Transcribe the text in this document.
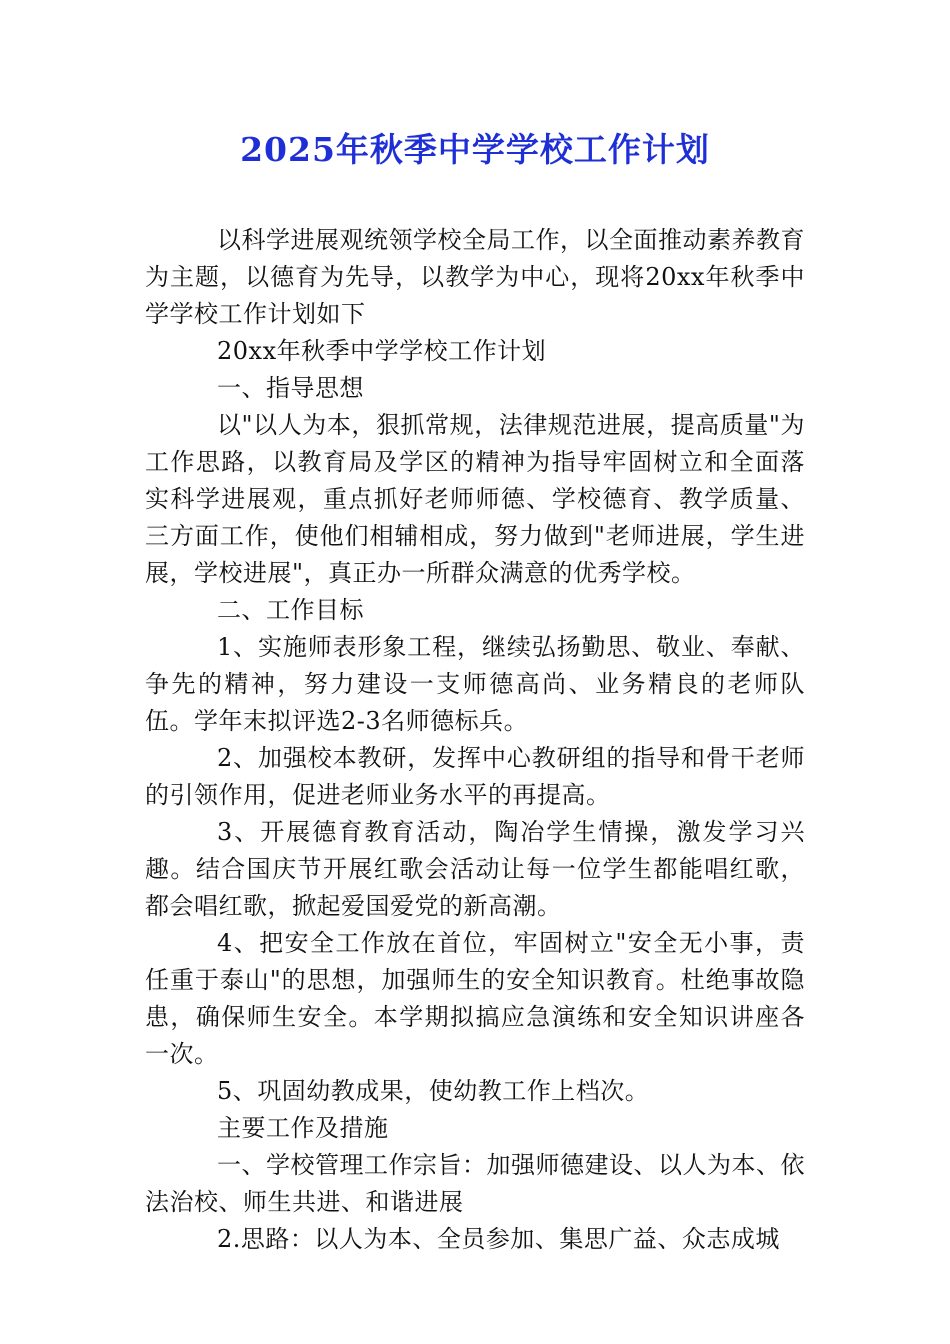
2025年秋季中学学校工作计划

以科学进展观统领学校全局工作，以全面推动素养教育为主题，以德育为先导，以教学为中心，现将20xx年秋季中学学校工作计划如下

20xx年秋季中学学校工作计划

一、指导思想

以"以人为本，狠抓常规，法律规范进展，提高质量"为工作思路，以教育局及学区的精神为指导牢固树立和全面落实科学进展观，重点抓好老师师德、学校德育、教学质量、三方面工作，使他们相辅相成，努力做到"老师进展，学生进展，学校进展"，真正办一所群众满意的优秀学校。

二、工作目标

1、实施师表形象工程，继续弘扬勤思、敬业、奉献、争先的精神，努力建设一支师德高尚、业务精良的老师队伍。学年末拟评选2-3名师德标兵。

2、加强校本教研，发挥中心教研组的指导和骨干老师的引领作用，促进老师业务水平的再提高。

3、开展德育教育活动，陶冶学生情操，激发学习兴趣。结合国庆节开展红歌会活动让每一位学生都能唱红歌，都会唱红歌，掀起爱国爱党的新高潮。

4、把安全工作放在首位，牢固树立"安全无小事，责任重于泰山"的思想，加强师生的安全知识教育。杜绝事故隐患，确保师生安全。本学期拟搞应急演练和安全知识讲座各一次。

5、巩固幼教成果，使幼教工作上档次。

主要工作及措施

一、学校管理工作宗旨：加强师德建设、以人为本、依法治校、师生共进、和谐进展

2.思路：以人为本、全员参加、集思广益、众志成城
